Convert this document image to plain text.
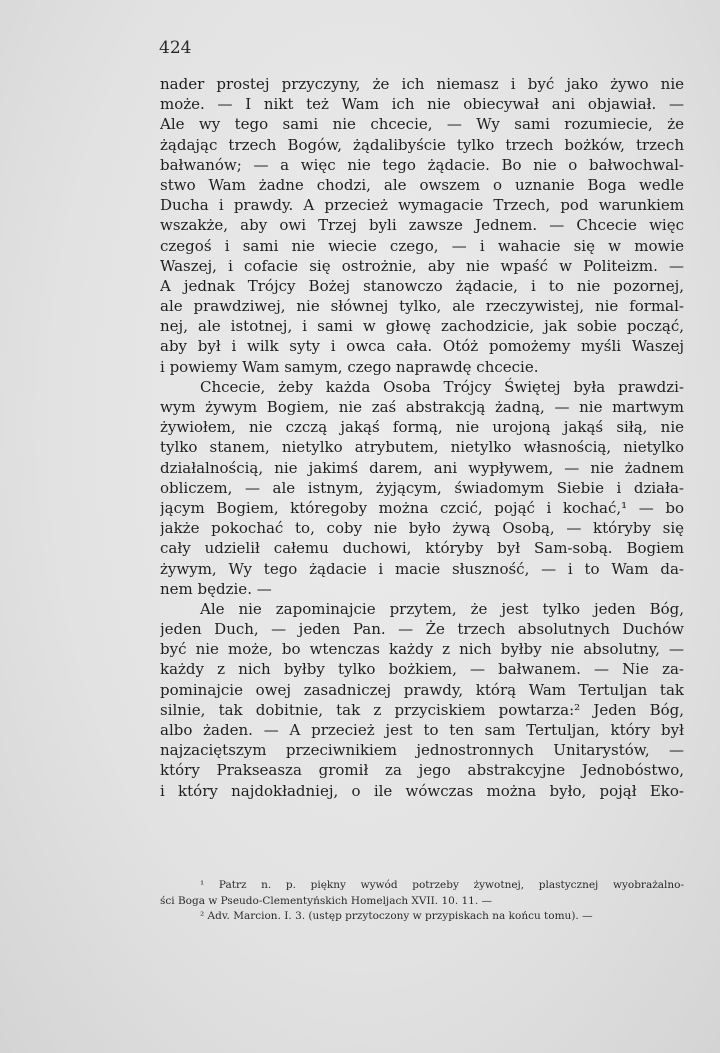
424
nader prostej przyczyny, że ich niemasz i być jako żywo nie
może. — I nikt też Wam ich nie obiecywał ani objawiał. —
Ale wy tego sami nie chcecie, — Wy sami rozumiecie, że
żądając trzech Bogów, żądalibyście tylko trzech bożków, trzech
bałwanów; — a więc nie tego żądacie. Bo nie o bałwochwal-
stwo Wam żadne chodzi, ale owszem o uznanie Boga wedle
Ducha i prawdy. A przecież wymagacie Trzech, pod warunkiem
wszakże, aby owi Trzej byli zawsze Jednem. — Chcecie więc
czegoś i sami nie wiecie czego, — i wahacie się w mowie
Waszej, i cofacie się ostrożnie, aby nie wpaść w Politeizm. —
A jednak Trójcy Bożej stanowczo żądacie, i to nie pozornej,
ale prawdziwej, nie słównej tylko, ale rzeczywistej, nie formal-
nej, ale istotnej, i sami w głowę zachodzicie, jak sobie począć,
aby był i wilk syty i owca cała. Otóż pomożemy myśli Waszej
i powiemy Wam samym, czego naprawdę chcecie.
Chcecie, żeby każda Osoba Trójcy Świętej była prawdzi-
wym żywym Bogiem, nie zaś abstrakcją żadną, — nie martwym
żywiołem, nie czczą jakąś formą, nie urojoną jakąś siłą, nie
tylko stanem, nietylko atrybutem, nietylko własnością, nietylko
działalnością, nie jakimś darem, ani wypływem, — nie żadnem
obliczem, — ale istnym, żyjącym, świadomym Siebie i działa-
jącym Bogiem, któregoby można czcić, pojąć i kochać,¹ — bo
jakże pokochać to, coby nie było żywą Osobą, — któryby się
cały udzielił całemu duchowi, któryby był Sam-sobą. Bogiem
żywym, Wy tego żądacie i macie słuszność, — i to Wam da-
nem będzie. —
Ale nie zapominajcie przytem, że jest tylko jeden Bóg,
jeden Duch, — jeden Pan. — Że trzech absolutnych Duchów
być nie może, bo wtenczas każdy z nich byłby nie absolutny, —
każdy z nich byłby tylko bożkiem, — bałwanem. — Nie za-
pominajcie owej zasadniczej prawdy, którą Wam Tertuljan tak
silnie, tak dobitnie, tak z przyciskiem powtarza:² Jeden Bóg,
albo żaden. — A przecież jest to ten sam Tertuljan, który był
najzaciętszym przeciwnikiem jednostronnych Unitarystów, —
który Prakseasza gromił za jego abstrakcyjne Jednobóstwo,
i który najdokładniej, o ile wówczas można było, pojął Eko-
¹ Patrz n. p. piękny wywód potrzeby żywotnej, plastycznej wyobrażalno-
ści Boga w Pseudo-Clementyńskich Homeljach XVII. 10. 11. —
² Adv. Marcion. I. 3. (ustęp przytoczony w przypiskach na końcu tomu). —
